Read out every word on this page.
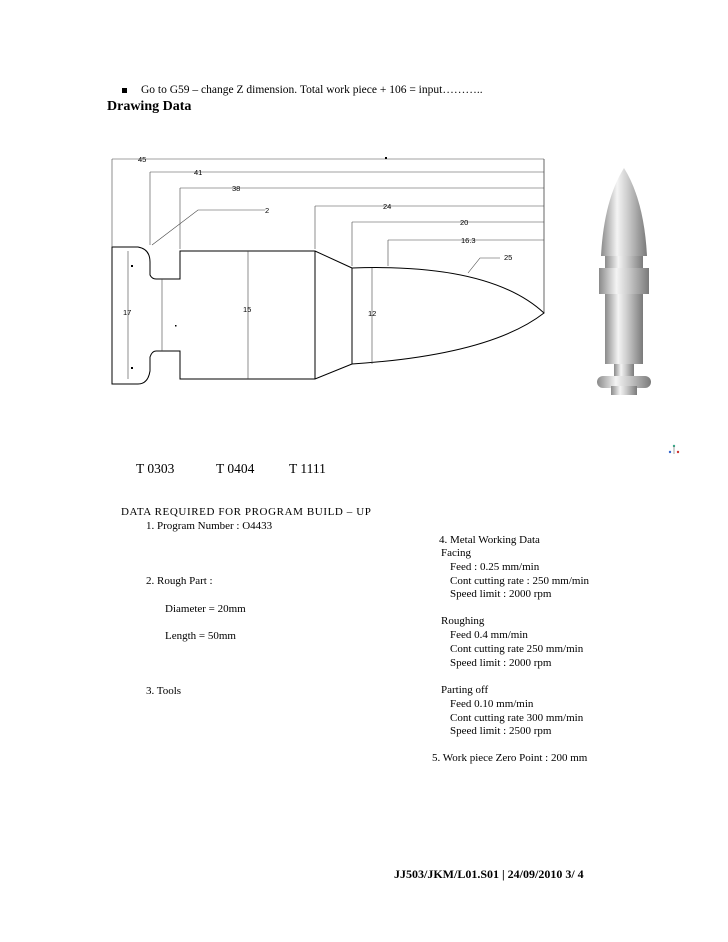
Go to G59 – change Z dimension. Total work piece + 106 = input………..
Drawing Data
45
41
38
2	24
20
16.3
25
17	15	12
T 0303	T 0404	T 1111
DATA REQUIRED FOR PROGRAM BUILD – UP
1. Program Number : O4433
2. Rough Part :
Diameter = 20mm
Length = 50mm
3. Tools
4. Metal Working Data
Facing
Feed : 0.25 mm/min
Cont cutting rate : 250 mm/min
Speed limit : 2000 rpm
Roughing
Feed 0.4 mm/min
Cont cutting rate 250 mm/min
Speed limit : 2000 rpm
Parting off
Feed 0.10 mm/min
Cont cutting rate 300 mm/min
Speed limit : 2500 rpm
5. Work piece Zero Point : 200 mm
JJ503/JKM/L01.S01 | 24/09/2010 3/ 4
